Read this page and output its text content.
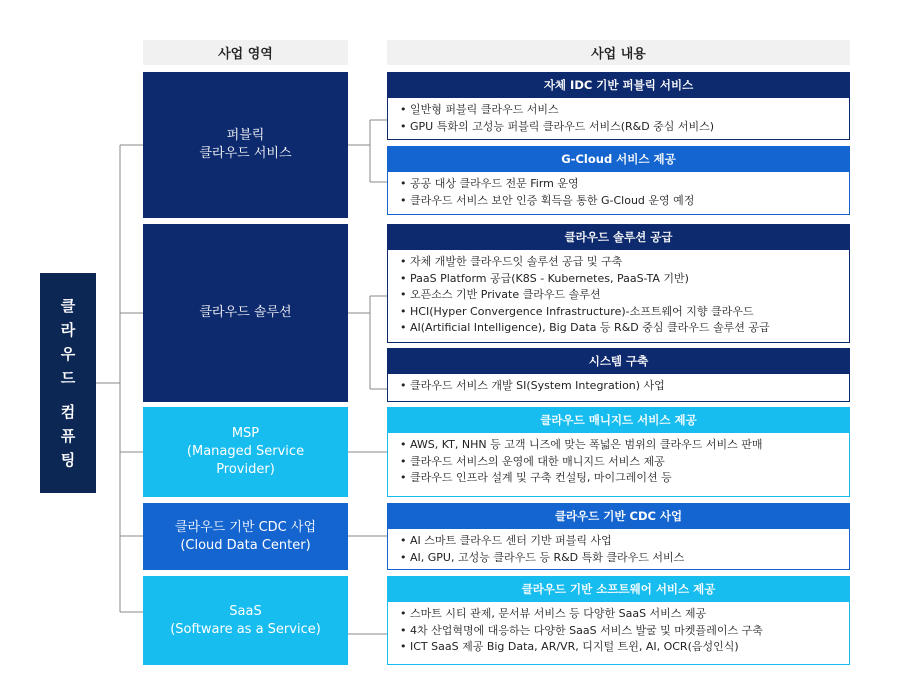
사업 영역	사업 내용
클
라
우
드
컴
퓨
팅
퍼블릭
클라우드 서비스
클라우드 솔루션
MSP
(Managed Service
Provider)
클라우드 기반 CDC 사업
(Cloud Data Center)
SaaS
(Software as a Service)
자체 IDC 기반 퍼블릭 서비스
• 일반형 퍼블릭 클라우드 서비스
• GPU 특화의 고성능 퍼블릭 클라우드 서비스(R&D 중심 서비스)
G-Cloud 서비스 제공
• 공공 대상 클라우드 전문 Firm 운영
• 클라우드 서비스 보안 인증 획득을 통한 G-Cloud 운영 예정
클라우드 솔루션 공급
• 자체 개발한 클라우드잇 솔루션 공급 및 구축
• PaaS Platform 공급(K8S - Kubernetes, PaaS-TA 기반)
• 오픈소스 기반 Private 클라우드 솔루션
• HCI(Hyper Convergence Infrastructure)-소프트웨어 지향 클라우드
• AI(Artificial Intelligence), Big Data 등 R&D 중심 클라우드 솔루션 공급
시스템 구축
• 클라우드 서비스 개발 SI(System Integration) 사업
클라우드 매니지드 서비스 제공
• AWS, KT, NHN 등 고객 니즈에 맞는 폭넓은 범위의 클라우드 서비스 판매
• 클라우드 서비스의 운영에 대한 매니지드 서비스 제공
• 클라우드 인프라 설계 및 구축 컨설팅, 마이그레이션 등
클라우드 기반 CDC 사업
• AI 스마트 클라우드 센터 기반 퍼블릭 사업
• AI, GPU, 고성능 클라우드 등 R&D 특화 클라우드 서비스
클라우드 기반 소프트웨어 서비스 제공
• 스마트 시티 관제, 문서뷰 서비스 등 다양한 SaaS 서비스 제공
• 4차 산업혁명에 대응하는 다양한 SaaS 서비스 발굴 및 마켓플레이스 구축
• ICT SaaS 제공 Big Data, AR/VR, 디지털 트윈, AI, OCR(음성인식)
